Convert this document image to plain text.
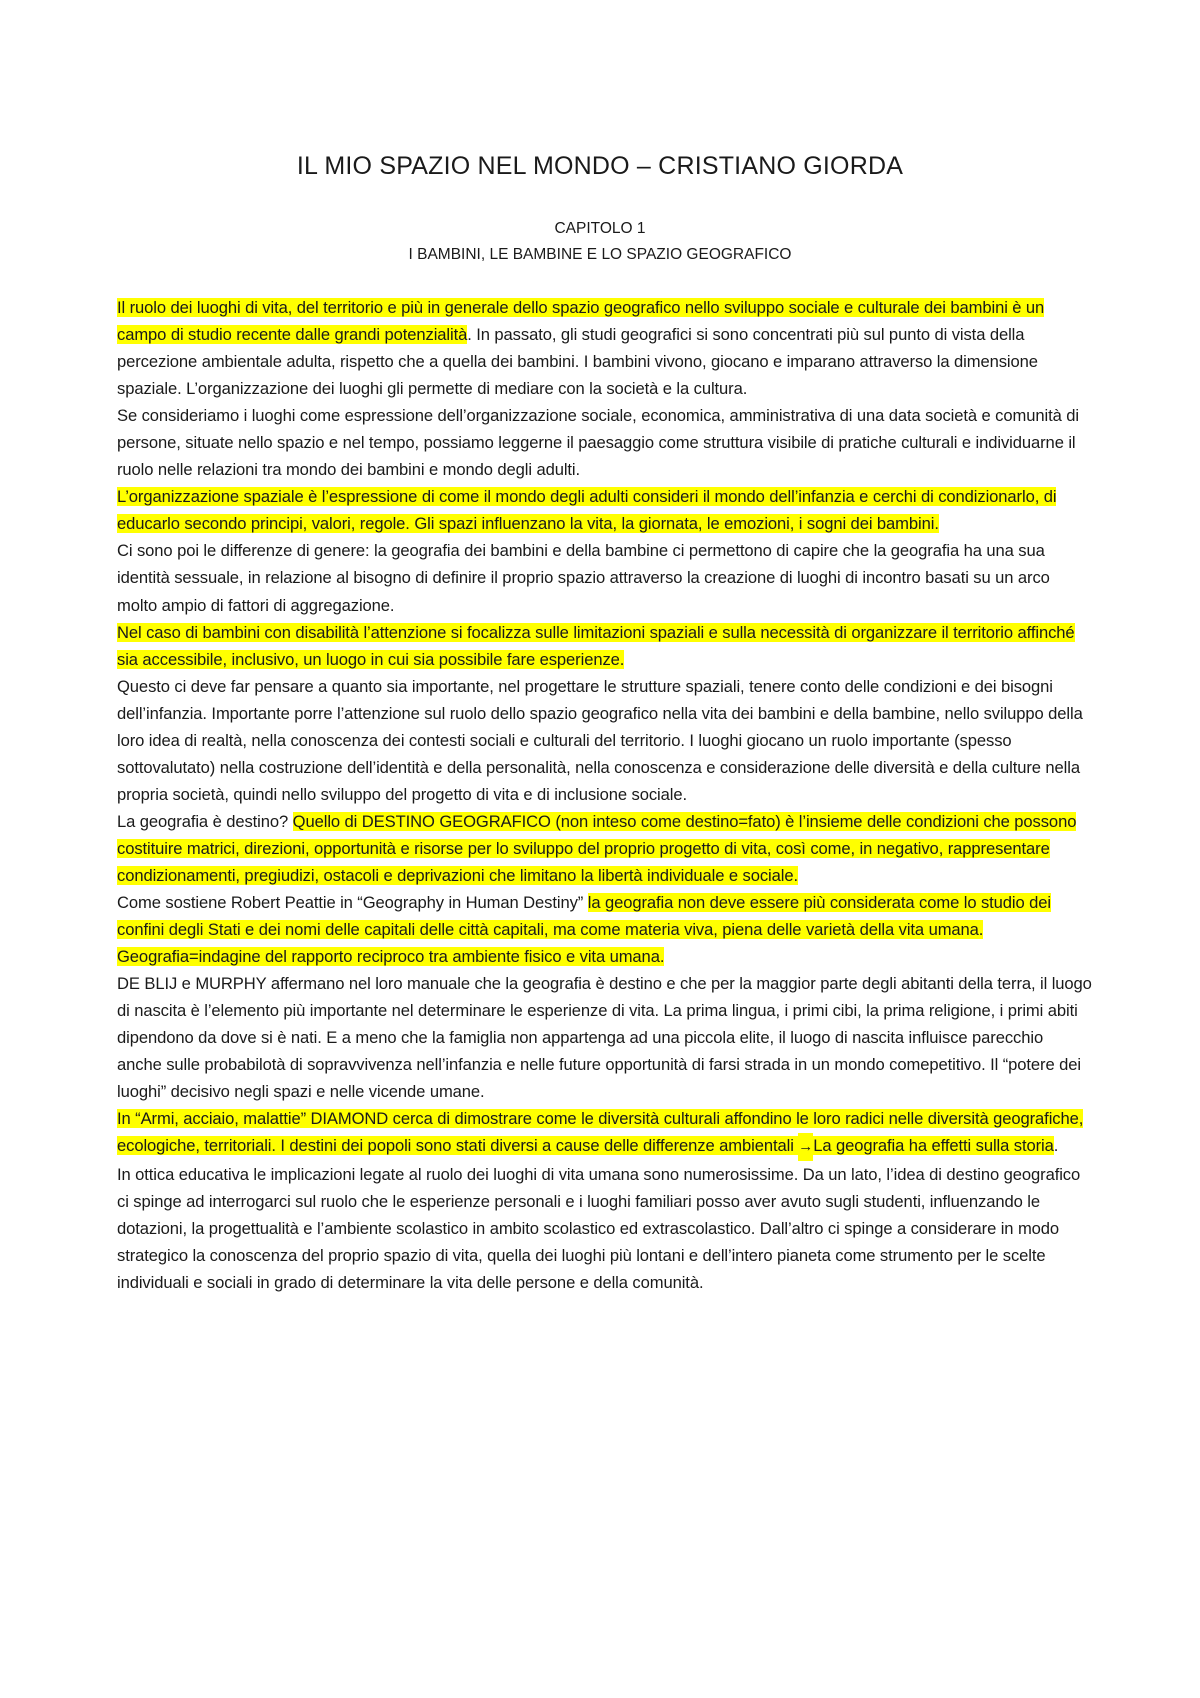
IL MIO SPAZIO NEL MONDO – CRISTIANO GIORDA
CAPITOLO 1
I BAMBINI, LE BAMBINE E LO SPAZIO GEOGRAFICO

Il ruolo dei luoghi di vita, del territorio e più in generale dello spazio geografico nello sviluppo sociale e culturale dei bambini è un campo di studio recente dalle grandi potenzialità. In passato, gli studi geografici si sono concentrati più sul punto di vista della percezione ambientale adulta, rispetto che a quella dei bambini. I bambini vivono, giocano e imparano attraverso la dimensione spaziale. L’organizzazione dei luoghi gli permette di mediare con la società e la cultura.

Se consideriamo i luoghi come espressione dell’organizzazione sociale, economica, amministrativa di una data società e comunità di persone, situate nello spazio e nel tempo, possiamo leggerne il paesaggio come struttura visibile di pratiche culturali e individuarne il ruolo nelle relazioni tra mondo dei bambini e mondo degli adulti.

L’organizzazione spaziale è l’espressione di come il mondo degli adulti consideri il mondo dell’infanzia e cerchi di condizionarlo, di educarlo secondo principi, valori, regole. Gli spazi influenzano la vita, la giornata, le emozioni, i sogni dei bambini.

Ci sono poi le differenze di genere: la geografia dei bambini e della bambine ci permettono di capire che la geografia ha una sua identità sessuale, in relazione al bisogno di definire il proprio spazio attraverso la creazione di luoghi di incontro basati su un arco molto ampio di fattori di aggregazione.

Nel caso di bambini con disabilità l’attenzione si focalizza sulle limitazioni spaziali e sulla necessità di organizzare il territorio affinché sia accessibile, inclusivo, un luogo in cui sia possibile fare esperienze.

Questo ci deve far pensare a quanto sia importante, nel progettare le strutture spaziali, tenere conto delle condizioni e dei bisogni dell’infanzia. Importante porre l’attenzione sul ruolo dello spazio geografico nella vita dei bambini e della bambine, nello sviluppo della loro idea di realtà, nella conoscenza dei contesti sociali e culturali del territorio. I luoghi giocano un ruolo importante (spesso sottovalutato) nella costruzione dell’identità e della personalità, nella conoscenza e considerazione delle diversità e della culture nella propria società, quindi nello sviluppo del progetto di vita e di inclusione sociale.

La geografia è destino? Quello di DESTINO GEOGRAFICO (non inteso come destino=fato) è l’insieme delle condizioni che possono costituire matrici, direzioni, opportunità e risorse per lo sviluppo del proprio progetto di vita, così come, in negativo, rappresentare condizionamenti, pregiudizi, ostacoli e deprivazioni che limitano la libertà individuale e sociale.

Come sostiene Robert Peattie in “Geography in Human Destiny” la geografia non deve essere più considerata come lo studio dei confini degli Stati e dei nomi delle capitali delle città capitali, ma come materia viva, piena delle varietà della vita umana. Geografia=indagine del rapporto reciproco tra ambiente fisico e vita umana.

DE BLIJ e MURPHY affermano nel loro manuale che la geografia è destino e che per la maggior parte degli abitanti della terra, il luogo di nascita è l’elemento più importante nel determinare le esperienze di vita. La prima lingua, i primi cibi, la prima religione, i primi abiti dipendono da dove si è nati. E a meno che la famiglia non appartenga ad una piccola elite, il luogo di nascita influisce parecchio anche sulle probabilotà di sopravvivenza nell’infanzia e nelle future opportunità di farsi strada in un mondo comepetitivo. Il “potere dei luoghi” decisivo negli spazi e nelle vicende umane.

In “Armi, acciaio, malattie” DIAMOND cerca di dimostrare come le diversità culturali affondino le loro radici nelle diversità geografiche, ecologiche, territoriali. I destini dei popoli sono stati diversi a cause delle differenze ambientali →La geografia ha effetti sulla storia.

In ottica educativa le implicazioni legate al ruolo dei luoghi di vita umana sono numerosissime. Da un lato, l’idea di destino geografico ci spinge ad interrogarci sul ruolo che le esperienze personali e i luoghi familiari posso aver avuto sugli studenti, influenzando le dotazioni, la progettualità e l’ambiente scolastico in ambito scolastico ed extrascolastico. Dall’altro ci spinge a considerare in modo strategico la conoscenza del proprio spazio di vita, quella dei luoghi più lontani e dell’intero pianeta come strumento per le scelte individuali e sociali in grado di determinare la vita delle persone e della comunità.
